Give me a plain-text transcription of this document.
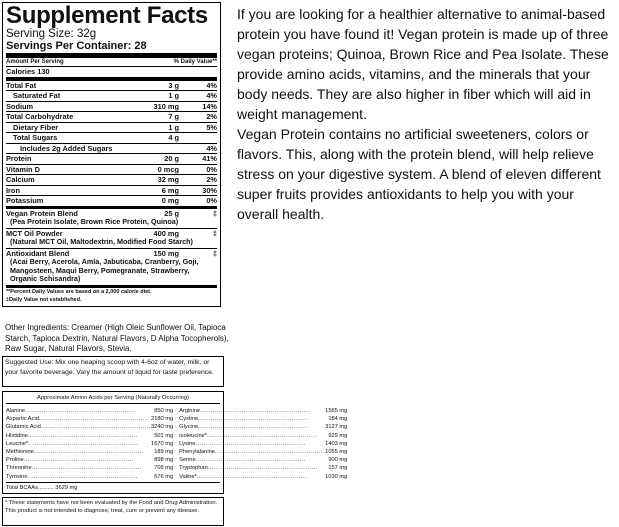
Supplement Facts
Serving Size: 32g
Servings Per Container: 28
Amount Per Serving	% Daily Value**
Calories 130
Total Fat	3 g	4%
Saturated Fat	1 g	4%
Sodium	310 mg	14%
Total Carbohydrate	7 g	2%
Dietary Fiber	1 g	5%
Total Sugars	4 g
Includes 2g Added Sugars	4%
Protein	20 g	41%
Vitamin D	0 mcg	0%
Calcium	32 mg	2%
Iron	6 mg	30%
Potassium	0 mg	0%
Vegan Protein Blend	25 g	‡
(Pea Protein Isolate, Brown Rice Protein, Quinoa)
MCT Oil Powder	400 mg	‡
(Natural MCT Oil, Maltodextrin, Modified Food Starch)
Antioxidant Blend	150 mg	‡
(Acai Berry, Acerola, Amla, Jabuticaba, Cranberry, Goji, Mangosteen, Maqui Berry, Pomegranate, Strawberry, Organic Schisandra)
**Percent Daily Values are based on a 2,000 calorie diet.
‡Daily Value not established.
Other Ingredients: Creamer (High Oleic Sunflower Oil, Tapioca Starch, Tapioca Dextrin, Natural Flavors, D Alpha Tocopherols), Raw Sugar, Natural Flavors, Stevia.
Suggested Use: Mix one heaping scoop with 4-6oz of water, milk, or your favorite beverage. Vary the amount of liquid for taste preference.
Approximate Amino Acids per Serving (Naturally Occurring)
Alanine .....	850 mg
Aspartic Acid .....	2180 mg
Glutamic Acid .....	3240 mg
Histidine .....	501 mg
Leucine* .....	1670 mg
Methionine .....	189 mg
Proline .....	898 mg
Threonine .....	709 mg
Tyrosine .....	676 mg
Arginine .....	1565 mg
Cystine .....	184 mg
Glycine .....	3127 mg
Isoleucine* .....	929 mg
Lysine .....	1403 mg
Phenylalanine .....	1055 mg
Serine .....	900 mg
Tryptophan .....	157 mg
Valine* .....	1030 mg
Total BCAAs.......... 3629 mg
* These statements have not been evaluated by the Food and Drug Administration. This product is not intended to diagnose, treat, cure or prevent any disease.
If you are looking for a healthier alternative to animal-based protein you have found it! Vegan protein is made up of three vegan proteins; Quinoa, Brown Rice and Pea Isolate. These provide amino acids, vitamins, and the minerals that your body needs. They are also higher in fiber which will aid in weight management.
Vegan Protein contains no artificial sweeteners, colors or flavors. This, along with the protein blend, will help relieve stress on your digestive system. A blend of eleven different super fruits provides antioxidants to help you with your overall health.
